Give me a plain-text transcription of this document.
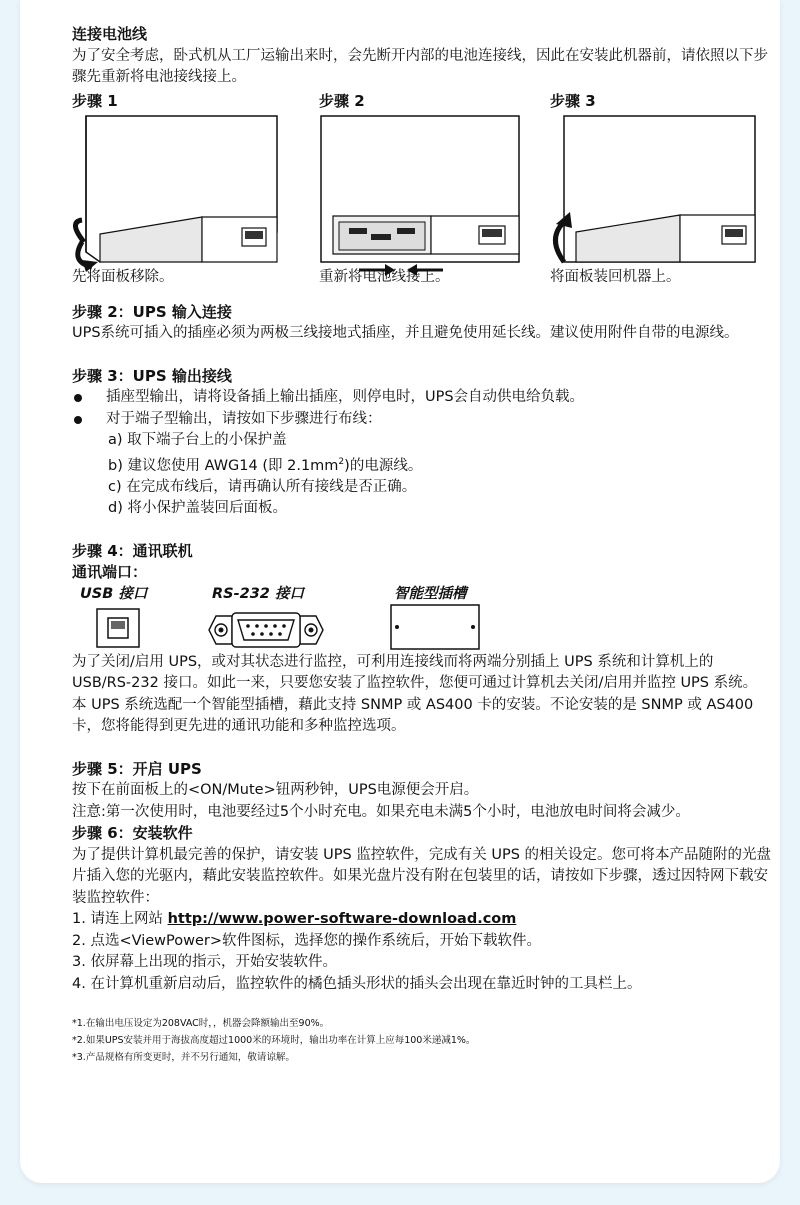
连接电池线

为了安全考虑，卧式机从工厂运输出来时，会先断开内部的电池连接线，因此在安装此机器前，请依照以下步骤先重新将电池接线接上。

步骤 1
先将面板移除。
步骤 2
重新将电池线接上。
步骤 3
将面板装回机器上。
步骤 2：UPS 输入连接

UPS系统可插入的插座必须为两极三线接地式插座，并且避免使用延长线。建议使用附件自带的电源线。

步骤 3：UPS 输出接线
插座型输出，请将设备插上输出插座，则停电时，UPS会自动供电给负载。
对于端子型输出，请按如下步骤进行布线：
a) 取下端子台上的小保护盖
b) 建议您使用 AWG14 (即 $2.1mm^2$)的电源线。
c) 在完成布线后，请再确认所有接线是否正确。
d) 将小保护盖装回后面板。
步骤 4：通讯联机
通讯端口：
USB 接口	RS-232 接口	智能型插槽

为了关闭/启用 UPS，或对其状态进行监控，可利用连接线而将两端分别插上 UPS 系统和计算机上的 USB/RS-232 接口。如此一来，只要您安装了监控软件，您便可通过计算机去关闭/启用并监控 UPS 系统。

本 UPS 系统选配一个智能型插槽，藉此支持 SNMP 或 AS400 卡的安装。不论安装的是 SNMP 或 AS400 卡，您将能得到更先进的通讯功能和多种监控选项。

步骤 5：开启 UPS

按下在前面板上的<ON/Mute>钮两秒钟，UPS电源便会开启。

注意:第一次使用时，电池要经过5个小时充电。如果充电未满5个小时，电池放电时间将会减少。

步骤 6：安装软件

为了提供计算机最完善的保护，请安装 UPS 监控软件，完成有关 UPS 的相关设定。您可将本产品随附的光盘片插入您的光驱内，藉此安装监控软件。如果光盘片没有附在包装里的话，请按如下步骤，透过因特网下载安装监控软件：

1. 请连上网站 http://www.power-software-download.com
2. 点选<ViewPower>软件图标，选择您的操作系统后，开始下载软件。
3. 依屏幕上出现的指示，开始安装软件。
4. 在计算机重新启动后，监控软件的橘色插头形状的插头会出现在靠近时钟的工具栏上。
*1.在输出电压设定为208VAC时，，机器会降额输出至90%。
*2.如果UPS安装并用于海拔高度超过1000米的环境时，输出功率在计算上应每100米递减1%。
*3.产品规格有所变更时，并不另行通知，敬请谅解。
